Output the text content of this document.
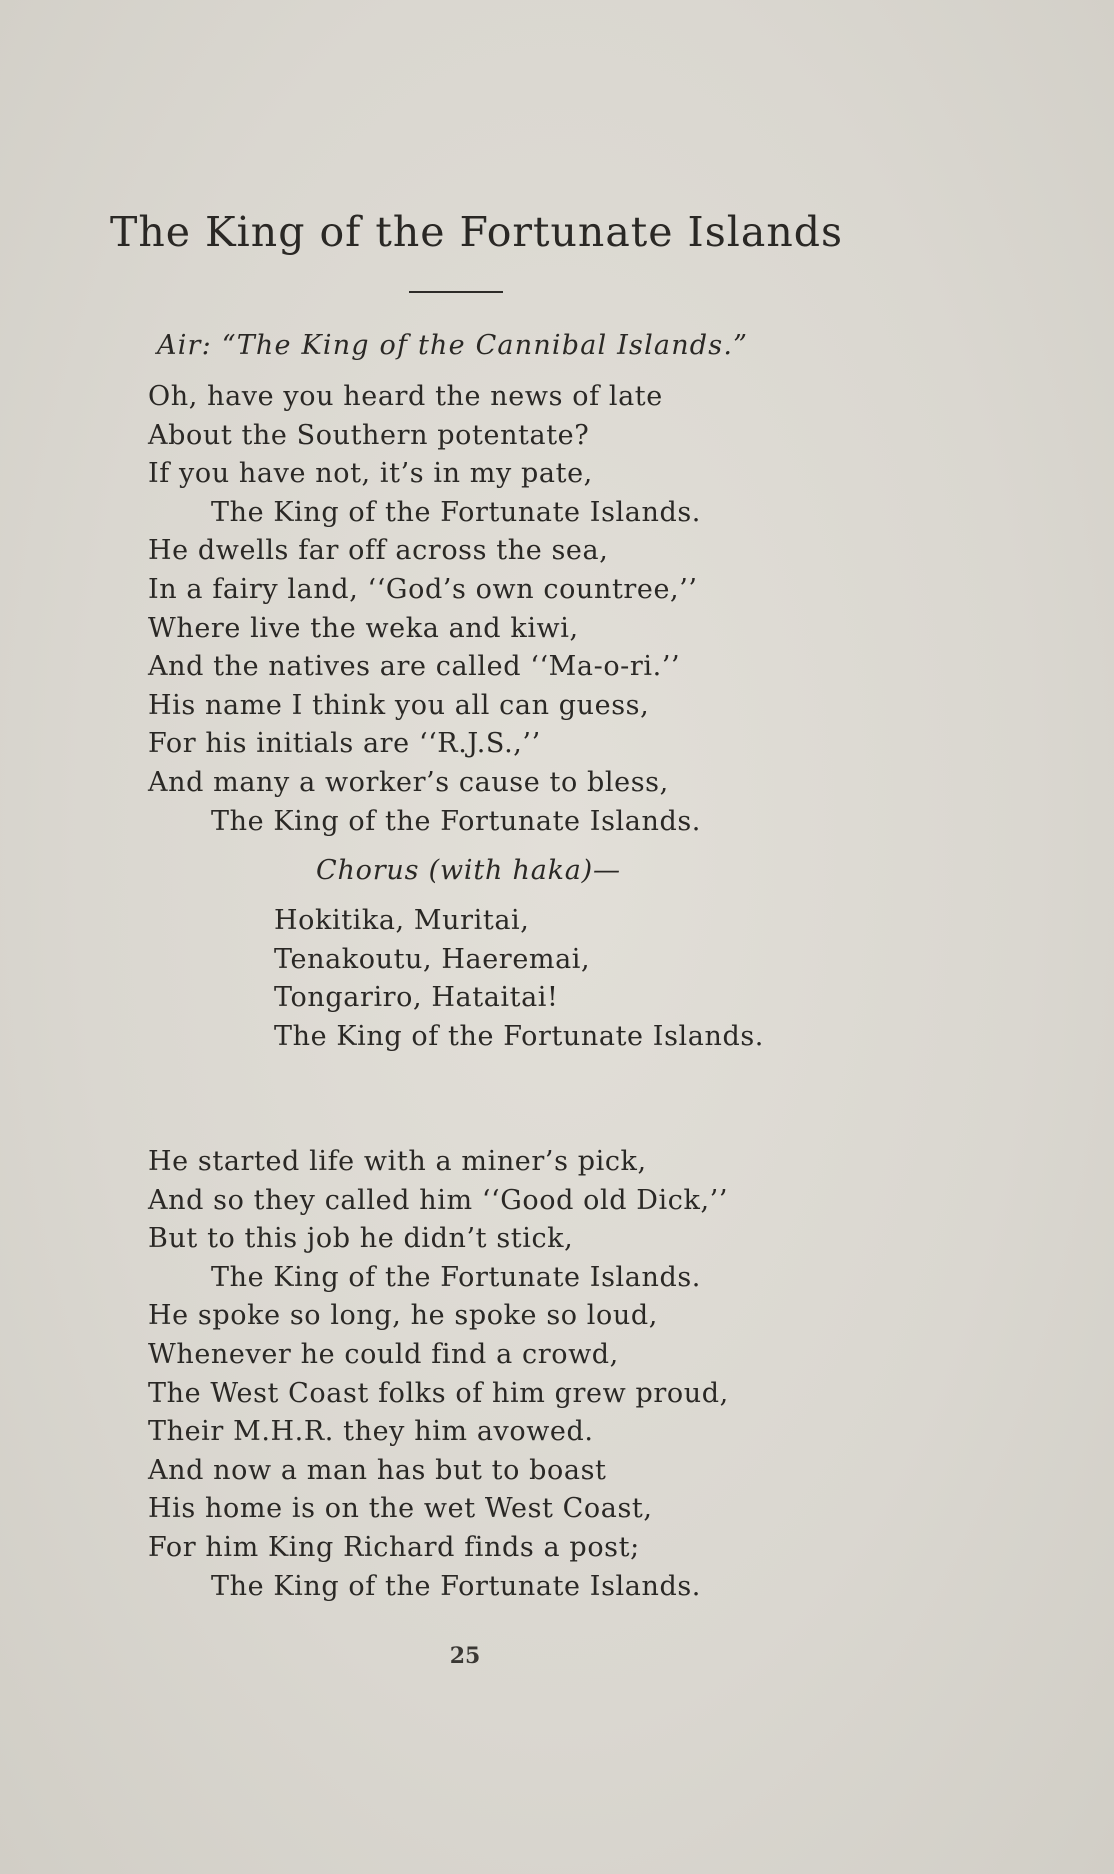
The King of the Fortunate Islands
Air: “The King of the Cannibal Islands.”
Oh, have you heard the news of late
About the Southern potentate?
If you have not, it’s in my pate,
The King of the Fortunate Islands.
He dwells far off across the sea,
In a fairy land, ‘‘God’s own countree,’’
Where live the weka and kiwi,
And the natives are called ‘‘Ma-o-ri.’’
His name I think you all can guess,
For his initials are ‘‘R.J.S.,’’
And many a worker’s cause to bless,
The King of the Fortunate Islands.
Chorus (with haka)—
Hokitika, Muritai,
Tenakoutu, Haeremai,
Tongariro, Hataitai!
The King of the Fortunate Islands.
He started life with a miner’s pick,
And so they called him ‘‘Good old Dick,’’
But to this job he didn’t stick,
The King of the Fortunate Islands.
He spoke so long, he spoke so loud,
Whenever he could find a crowd,
The West Coast folks of him grew proud,
Their M.H.R. they him avowed.
And now a man has but to boast
His home is on the wet West Coast,
For him King Richard finds a post;
The King of the Fortunate Islands.
25
